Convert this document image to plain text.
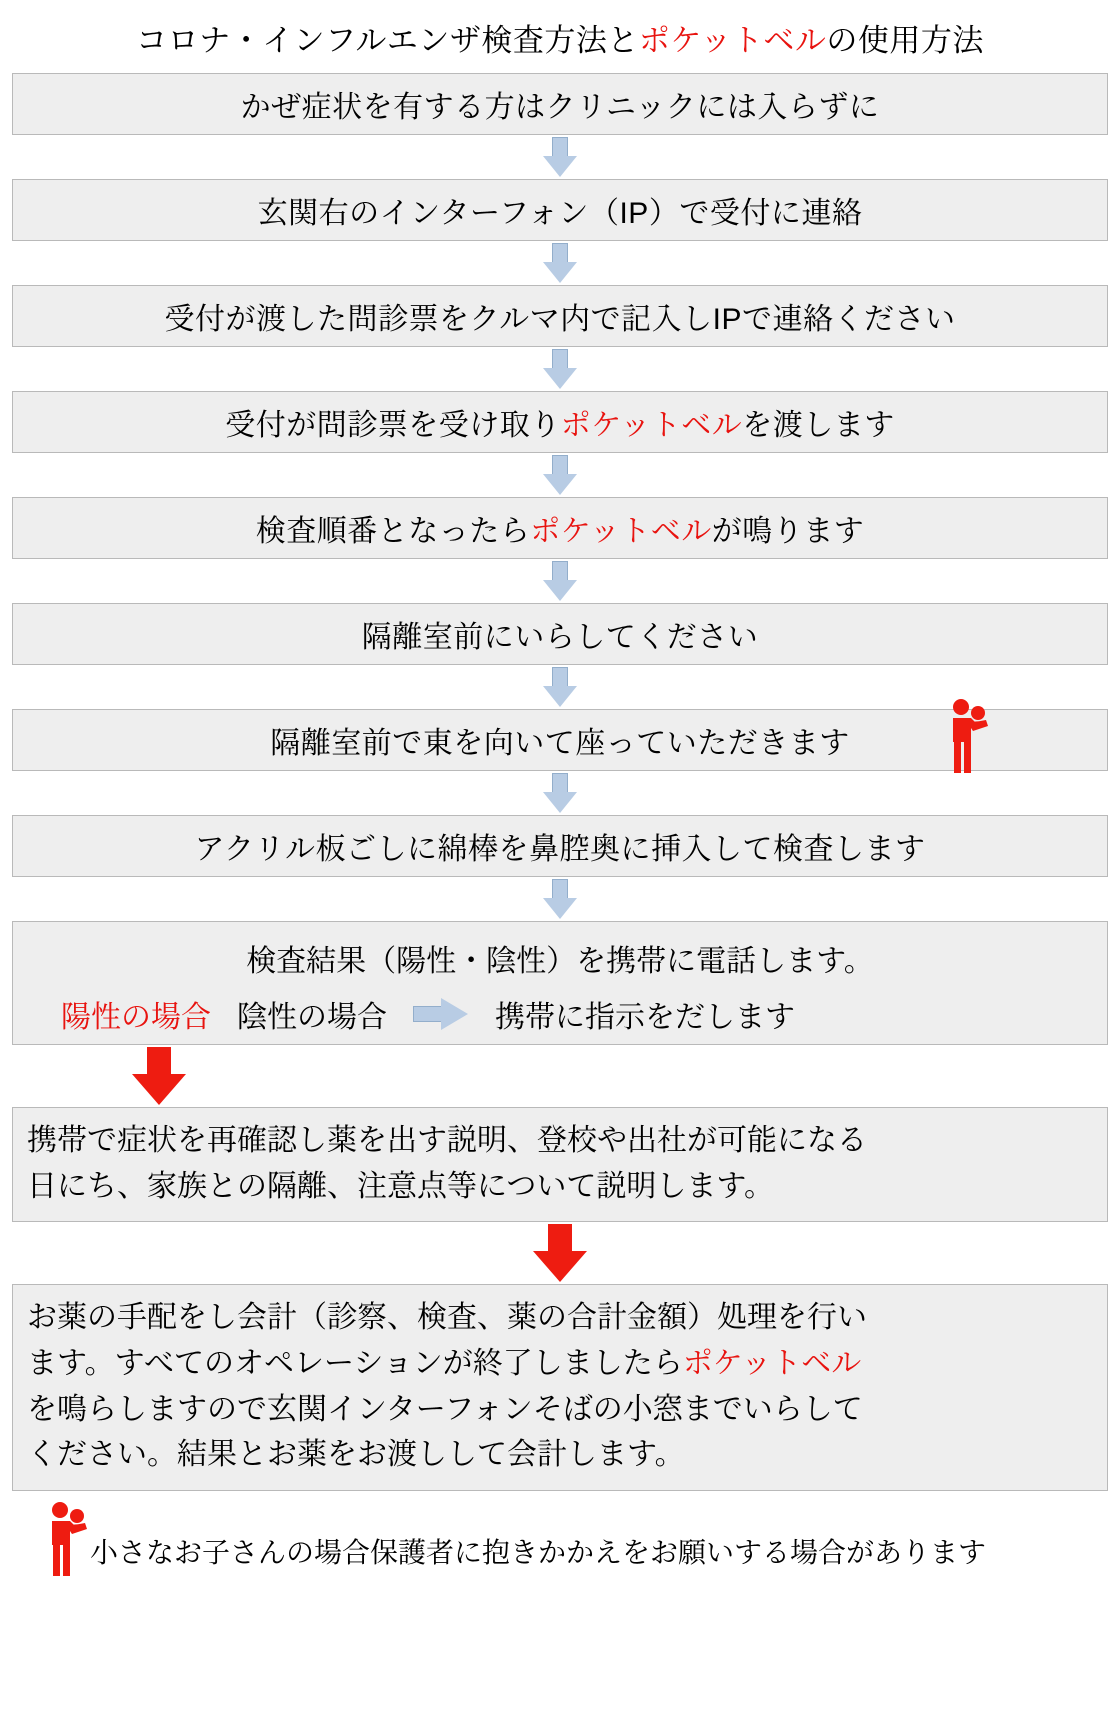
コロナ・インフルエンザ検査方法とポケットベルの使用方法
かぜ症状を有する方はクリニックには入らずに
玄関右のインターフォン（IP）で受付に連絡
受付が渡した問診票をクルマ内で記入しIPで連絡ください
受付が問診票を受け取りポケットベルを渡します
検査順番となったらポケットベルが鳴ります
隔離室前にいらしてください
隔離室前で東を向いて座っていただきます
アクリル板ごしに綿棒を鼻腔奥に挿入して検査します
検査結果（陽性・陰性）を携帯に電話します。
陽性の場合 陰性の場合	携帯に指示をだします
携帯で症状を再確認し薬を出す説明、登校や出社が可能になる
日にち、家族との隔離、注意点等について説明します。
お薬の手配をし会計（診察、検査、薬の合計金額）処理を行い
ます。すべてのオペレーションが終了しましたらポケットベル
を鳴らしますので玄関インターフォンそばの小窓までいらして
ください。結果とお薬をお渡しして会計します。
小さなお子さんの場合保護者に抱きかかえをお願いする場合があります
